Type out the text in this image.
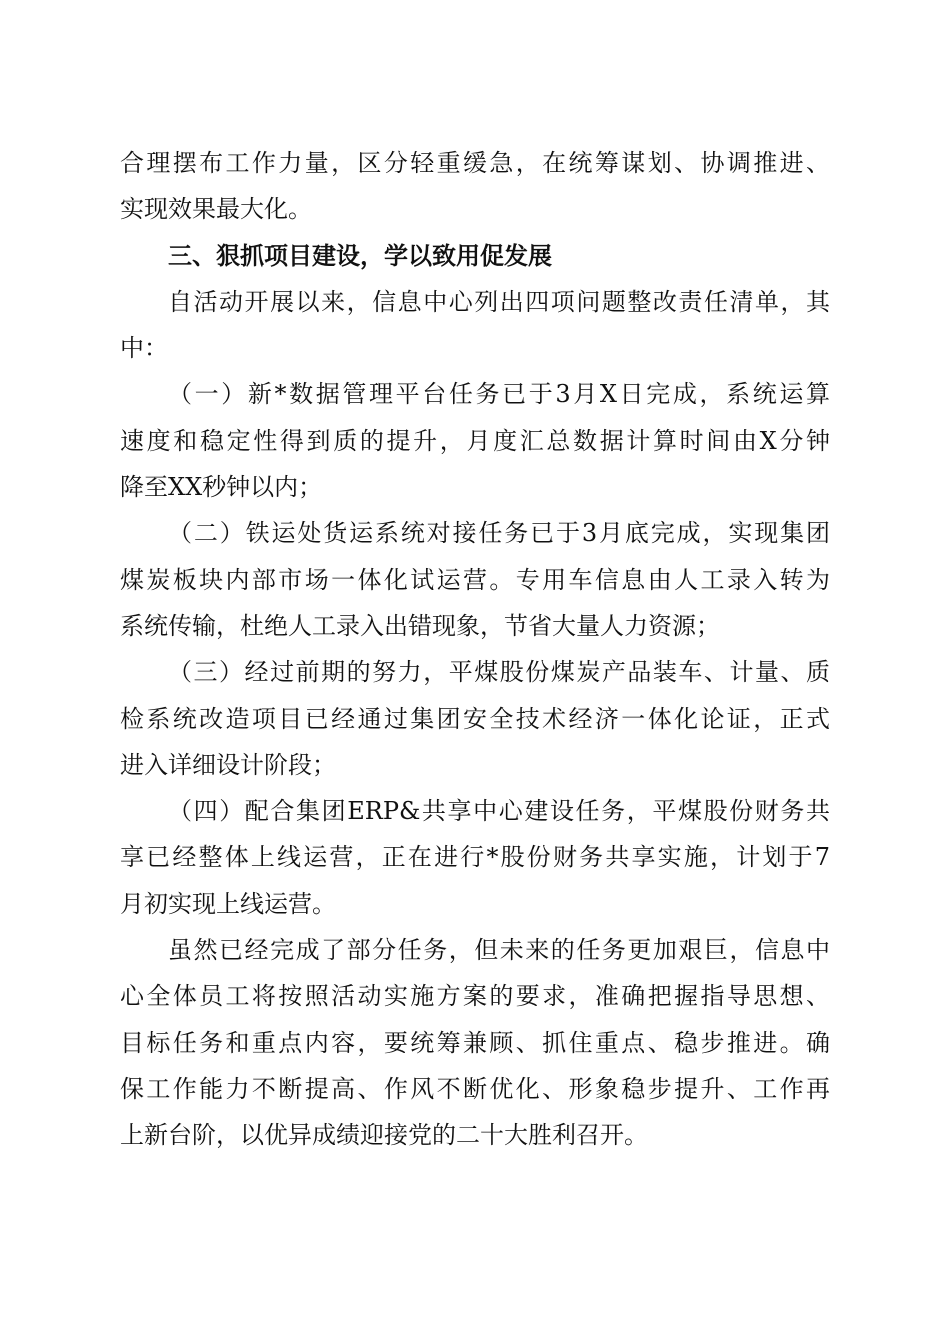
合理摆布工作力量，区分轻重缓急，在统筹谋划、协调推进、
实现效果最大化。
三、狠抓项目建设，学以致用促发展
自活动开展以来，信息中心列出四项问题整改责任清单，其
中：
（一）新*数据管理平台任务已于3月X日完成，系统运算
速度和稳定性得到质的提升，月度汇总数据计算时间由X分钟
降至XX秒钟以内；
（二）铁运处货运系统对接任务已于3月底完成，实现集团
煤炭板块内部市场一体化试运营。专用车信息由人工录入转为
系统传输，杜绝人工录入出错现象，节省大量人力资源；
（三）经过前期的努力，平煤股份煤炭产品装车、计量、质
检系统改造项目已经通过集团安全技术经济一体化论证，正式
进入详细设计阶段；
（四）配合集团ERP&共享中心建设任务，平煤股份财务共
享已经整体上线运营，正在进行*股份财务共享实施，计划于7
月初实现上线运营。
虽然已经完成了部分任务，但未来的任务更加艰巨，信息中
心全体员工将按照活动实施方案的要求，准确把握指导思想、
目标任务和重点内容，要统筹兼顾、抓住重点、稳步推进。确
保工作能力不断提高、作风不断优化、形象稳步提升、工作再
上新台阶，以优异成绩迎接党的二十大胜利召开。
